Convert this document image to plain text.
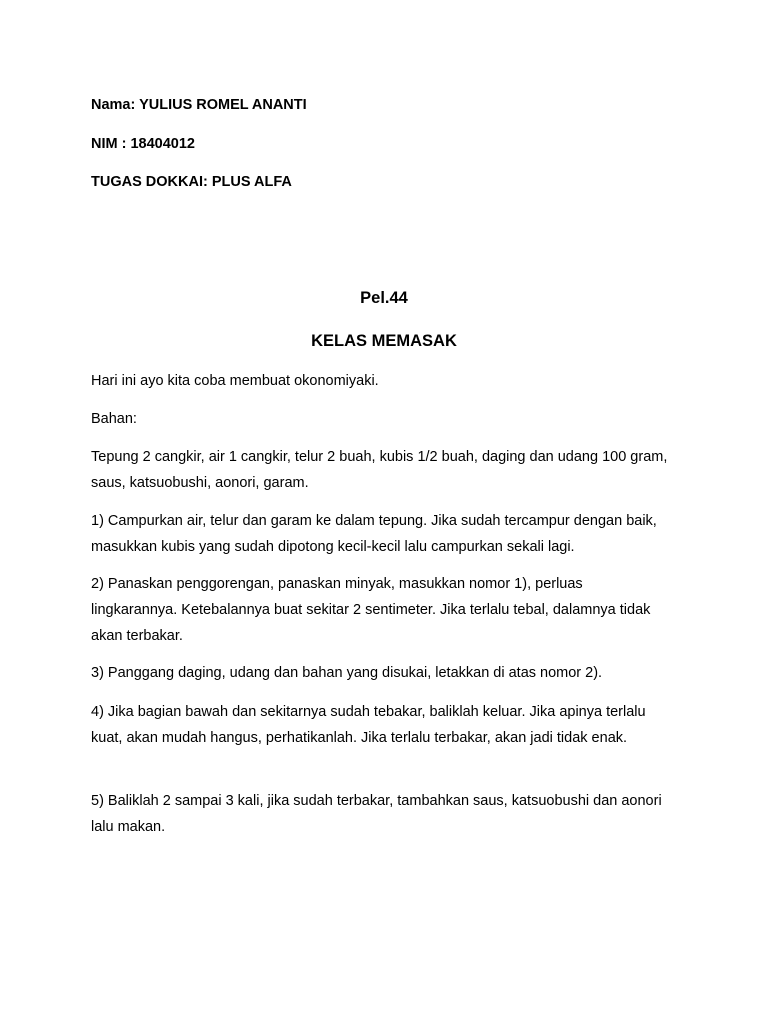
Nama: YULIUS ROMEL ANANTI
NIM : 18404012
TUGAS DOKKAI: PLUS ALFA
Pel.44
KELAS MEMASAK

Hari ini ayo kita coba membuat okonomiyaki.

Bahan:

Tepung 2 cangkir, air 1 cangkir, telur 2 buah, kubis 1/2 buah, daging dan udang 100 gram, saus, katsuobushi, aonori, garam.

1) Campurkan air, telur dan garam ke dalam tepung. Jika sudah tercampur dengan baik, masukkan kubis yang sudah dipotong kecil-kecil lalu campurkan sekali lagi.

2) Panaskan penggorengan, panaskan minyak, masukkan nomor 1), perluas lingkarannya. Ketebalannya buat sekitar 2 sentimeter. Jika terlalu tebal, dalamnya tidak akan terbakar.

3) Panggang daging, udang dan bahan yang disukai, letakkan di atas nomor 2).

4) Jika bagian bawah dan sekitarnya sudah tebakar, baliklah keluar. Jika apinya terlalu kuat, akan mudah hangus, perhatikanlah. Jika terlalu terbakar, akan jadi tidak enak.

5) Baliklah 2 sampai 3 kali, jika sudah terbakar, tambahkan saus, katsuobushi dan aonori lalu makan.
